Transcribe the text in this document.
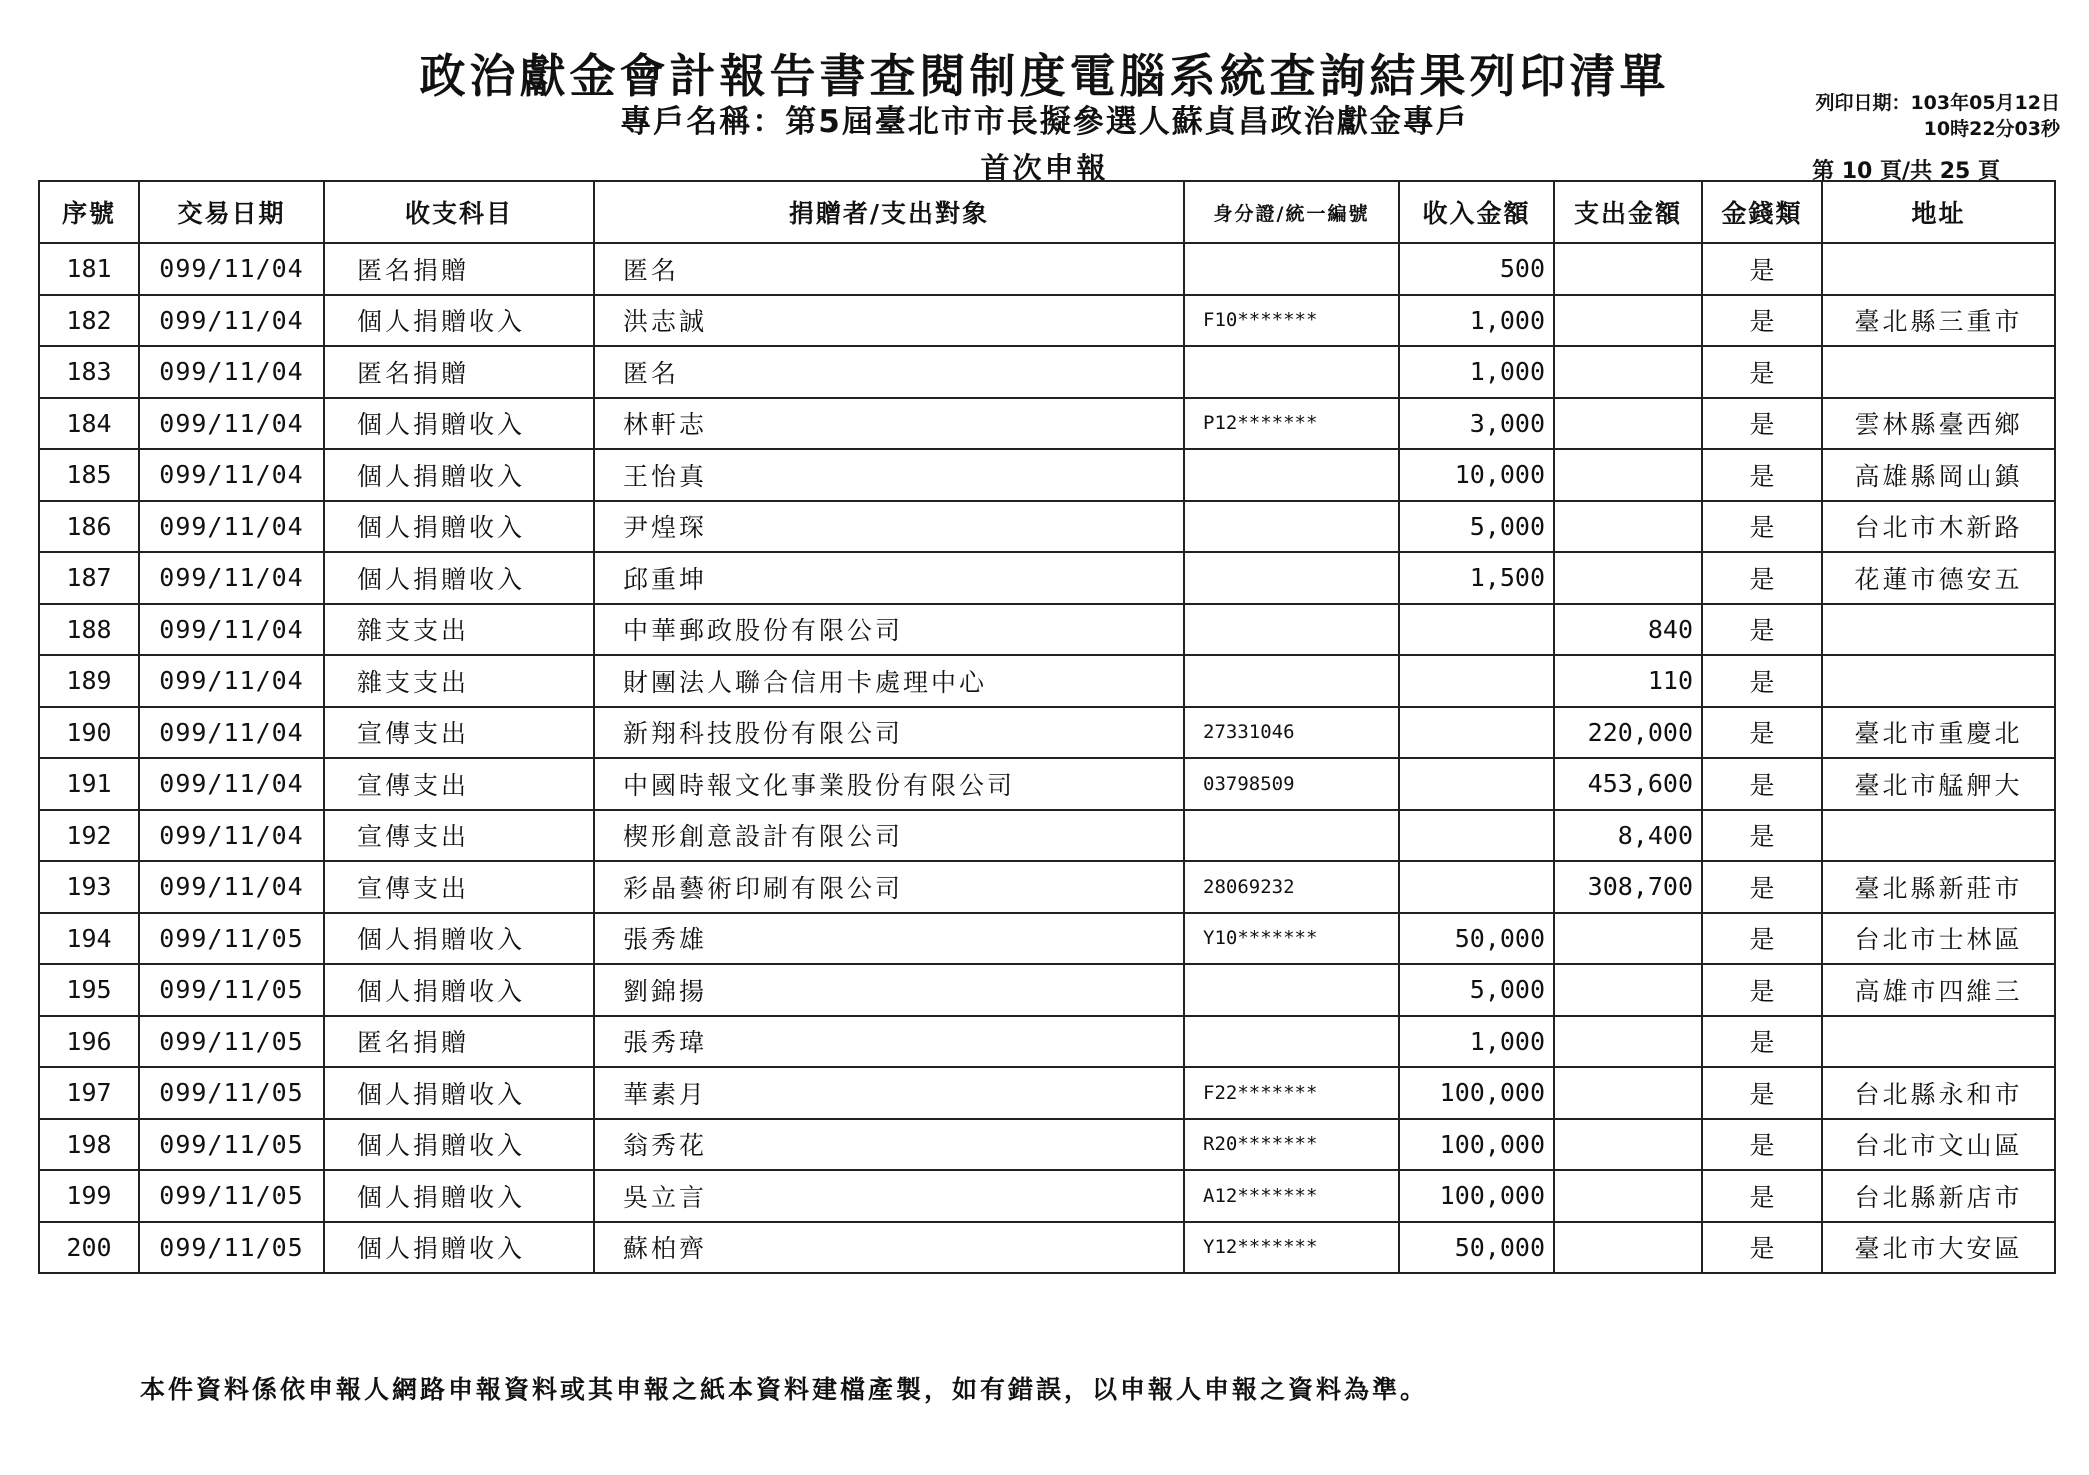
政治獻金會計報告書查閱制度電腦系統查詢結果列印清單
專戶名稱：第5屆臺北市市長擬參選人蘇貞昌政治獻金專戶
列印日期：103年05月12日
10時22分03秒
首次申報	第 10 頁/共 25 頁
序號	交易日期	收支科目	捐贈者/支出對象	身分證/統一編號	收入金額	支出金額	金錢類	地址
181	099/11/04	匿名捐贈	匿名		500		是	
182	099/11/04	個人捐贈收入	洪志誠	F10*******	1,000		是	臺北縣三重市
183	099/11/04	匿名捐贈	匿名		1,000		是	
184	099/11/04	個人捐贈收入	林軒志	P12*******	3,000		是	雲林縣臺西鄉
185	099/11/04	個人捐贈收入	王怡真		10,000		是	高雄縣岡山鎮
186	099/11/04	個人捐贈收入	尹煌琛		5,000		是	台北市木新路
187	099/11/04	個人捐贈收入	邱重坤		1,500		是	花蓮市德安五
188	099/11/04	雜支支出	中華郵政股份有限公司			840	是	
189	099/11/04	雜支支出	財團法人聯合信用卡處理中心			110	是	
190	099/11/04	宣傳支出	新翔科技股份有限公司	27331046		220,000	是	臺北市重慶北
191	099/11/04	宣傳支出	中國時報文化事業股份有限公司	03798509		453,600	是	臺北市艋舺大
192	099/11/04	宣傳支出	楔形創意設計有限公司			8,400	是	
193	099/11/04	宣傳支出	彩晶藝術印刷有限公司	28069232		308,700	是	臺北縣新莊市
194	099/11/05	個人捐贈收入	張秀雄	Y10*******	50,000		是	台北市士林區
195	099/11/05	個人捐贈收入	劉錦揚		5,000		是	高雄市四維三
196	099/11/05	匿名捐贈	張秀瑋		1,000		是	
197	099/11/05	個人捐贈收入	華素月	F22*******	100,000		是	台北縣永和市
198	099/11/05	個人捐贈收入	翁秀花	R20*******	100,000		是	台北市文山區
199	099/11/05	個人捐贈收入	吳立言	A12*******	100,000		是	台北縣新店市
200	099/11/05	個人捐贈收入	蘇柏齊	Y12*******	50,000		是	臺北市大安區
本件資料係依申報人網路申報資料或其申報之紙本資料建檔產製，如有錯誤，以申報人申報之資料為準。
